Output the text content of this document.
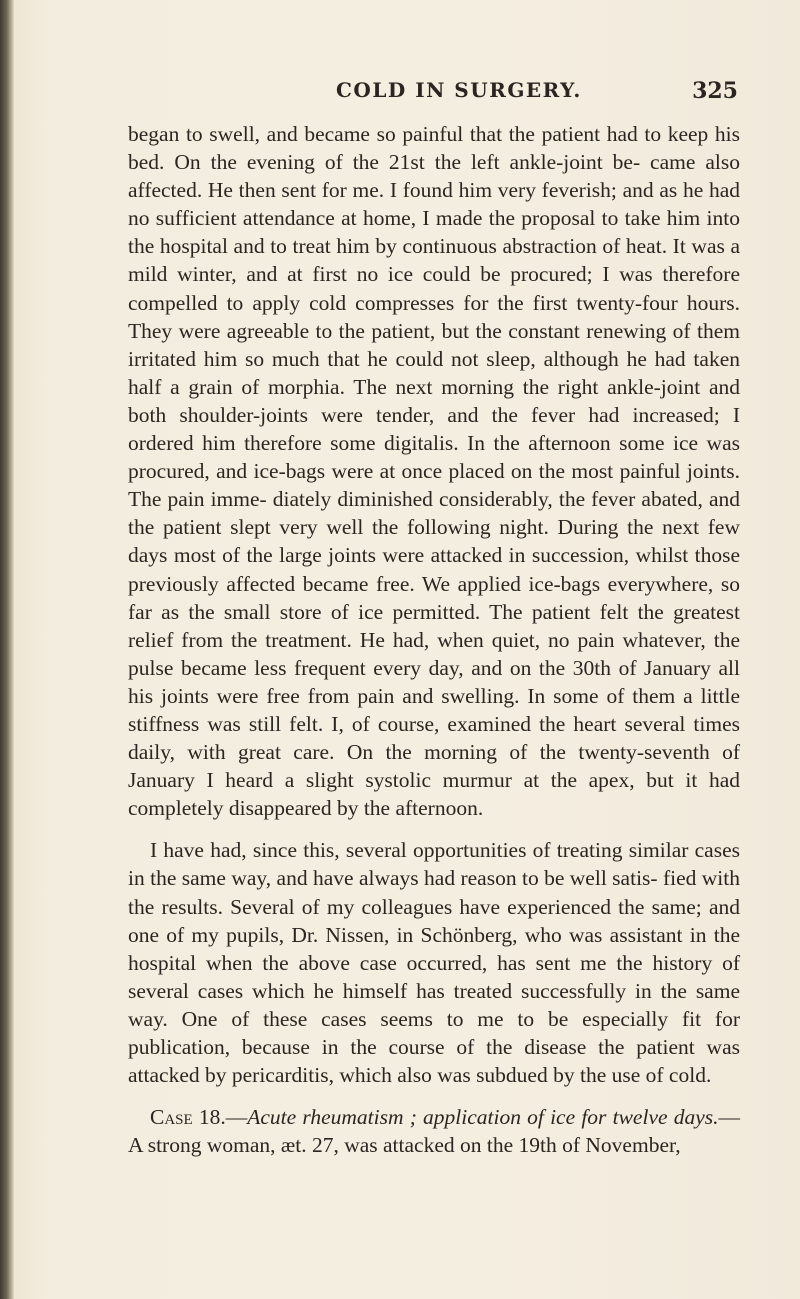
COLD IN SURGERY.	325

began to swell, and became so painful that the patient had to keep his bed. On the evening of the 21st the left ankle-joint be- came also affected. He then sent for me. I found him very feverish; and as he had no sufficient attendance at home, I made the proposal to take him into the hospital and to treat him by continuous abstraction of heat. It was a mild winter, and at first no ice could be procured; I was therefore compelled to apply cold compresses for the first twenty-four hours. They were agreeable to the patient, but the constant renewing of them irritated him so much that he could not sleep, although he had taken half a grain of morphia. The next morning the right ankle-joint and both shoulder-joints were tender, and the fever had increased; I ordered him therefore some digitalis. In the afternoon some ice was procured, and ice-bags were at once placed on the most painful joints. The pain imme- diately diminished considerably, the fever abated, and the patient slept very well the following night. During the next few days most of the large joints were attacked in succession, whilst those previously affected became free. We applied ice-bags everywhere, so far as the small store of ice permitted. The patient felt the greatest relief from the treatment. He had, when quiet, no pain whatever, the pulse became less frequent every day, and on the 30th of January all his joints were free from pain and swelling. In some of them a little stiffness was still felt. I, of course, examined the heart several times daily, with great care. On the morning of the twenty-seventh of January I heard a slight systolic murmur at the apex, but it had completely disappeared by the afternoon.

I have had, since this, several opportunities of treating similar cases in the same way, and have always had reason to be well satis- fied with the results. Several of my colleagues have experienced the same; and one of my pupils, Dr. Nissen, in Schönberg, who was assistant in the hospital when the above case occurred, has sent me the history of several cases which he himself has treated successfully in the same way. One of these cases seems to me to be especially fit for publication, because in the course of the disease the patient was attacked by pericarditis, which also was subdued by the use of cold.

Case 18.—Acute rheumatism ; application of ice for twelve days.— A strong woman, æt. 27, was attacked on the 19th of November,
